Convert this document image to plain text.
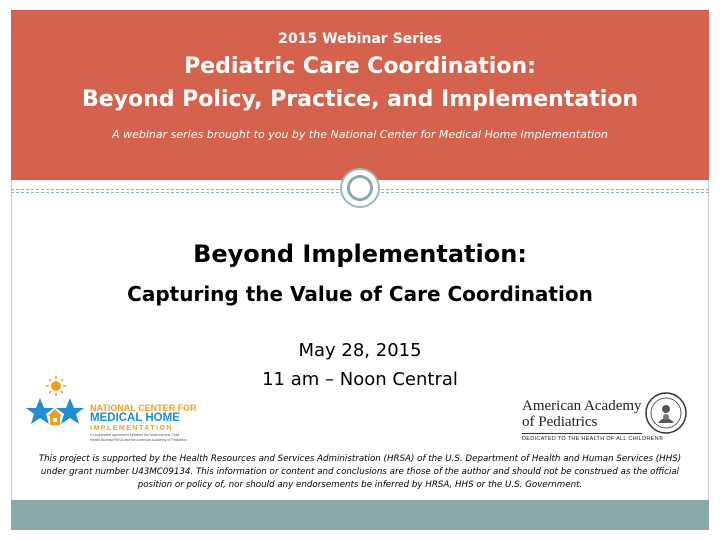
2015 Webinar Series
Pediatric Care Coordination:
Beyond Policy, Practice, and Implementation
A webinar series brought to you by the National Center for Medical Home Implementation
Beyond Implementation:
Capturing the Value of Care Coordination
May 28, 2015
11 am – Noon Central
NATIONAL CENTER FOR
MEDICAL HOME
IMPLEMENTATION
A cooperative agreement between the Maternal and Child Health Bureau/HRSA and the American Academy of Pediatrics
American Academy
of Pediatrics
DEDICATED TO THE HEALTH OF ALL CHILDREN®
This project is supported by the Health Resources and Services Administration (HRSA) of the U.S. Department of Health and Human Services (HHS) under grant number U43MC09134. This information or content and conclusions are those of the author and should not be construed as the official position or policy of, nor should any endorsements be inferred by HRSA, HHS or the U.S. Government.
